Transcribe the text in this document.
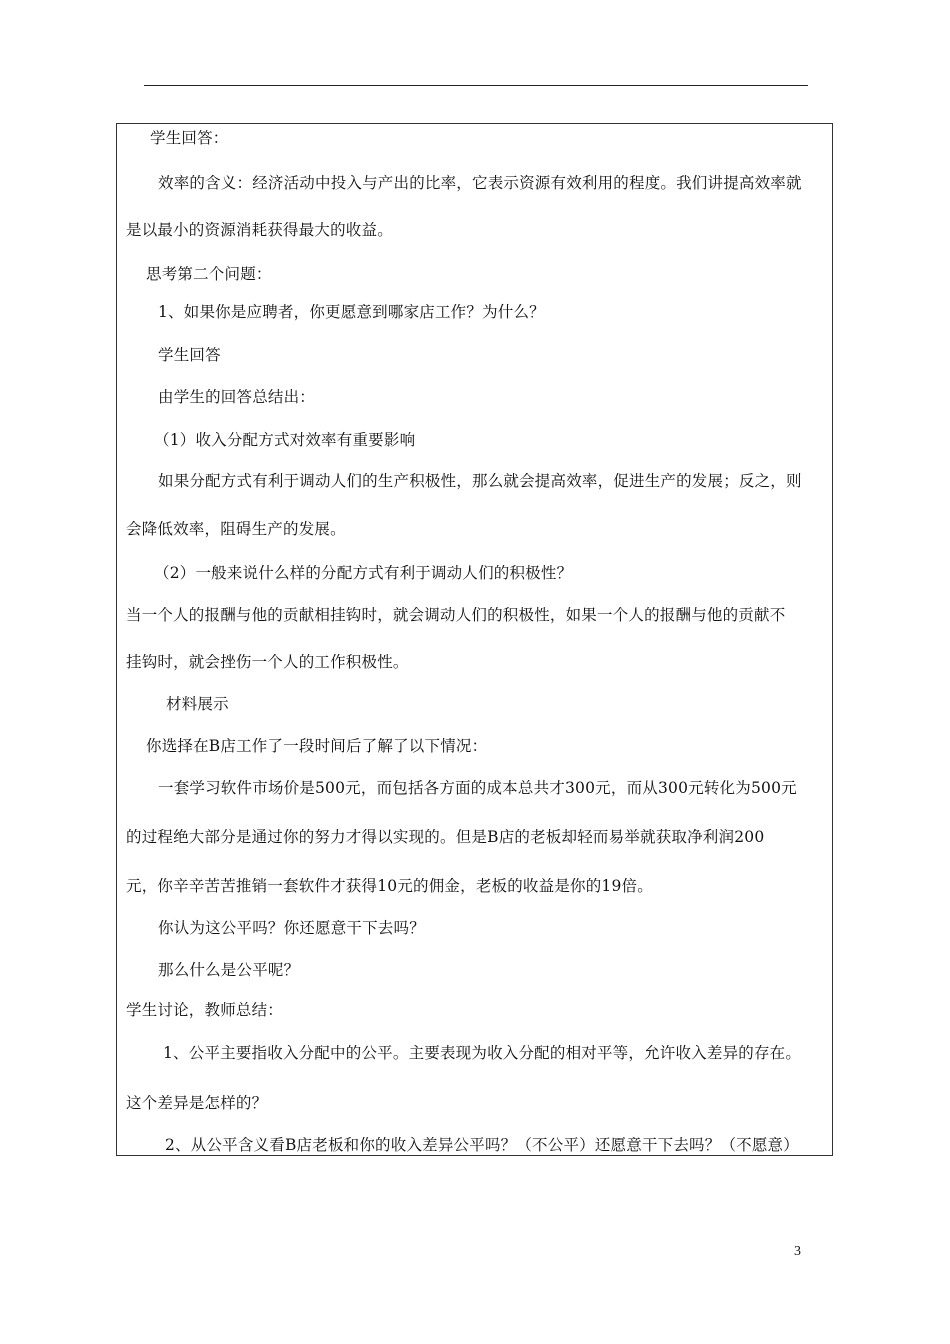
学生回答：
效率的含义：经济活动中投入与产出的比率，它表示资源有效利用的程度。我们讲提高效率就
是以最小的资源消耗获得最大的收益。
思考第二个问题：
1、如果你是应聘者，你更愿意到哪家店工作？为什么？
学生回答
由学生的回答总结出：
（1）收入分配方式对效率有重要影响
如果分配方式有利于调动人们的生产积极性，那么就会提高效率，促进生产的发展；反之，则
会降低效率，阻碍生产的发展。
（2）一般来说什么样的分配方式有利于调动人们的积极性？
当一个人的报酬与他的贡献相挂钩时，就会调动人们的积极性，如果一个人的报酬与他的贡献不
挂钩时，就会挫伤一个人的工作积极性。
材料展示
你选择在B店工作了一段时间后了解了以下情况：
一套学习软件市场价是500元，而包括各方面的成本总共才300元，而从300元转化为500元
的过程绝大部分是通过你的努力才得以实现的。但是B店的老板却轻而易举就获取净利润200
元，你辛辛苦苦推销一套软件才获得10元的佣金，老板的收益是你的19倍。
你认为这公平吗？你还愿意干下去吗？
那么什么是公平呢？
学生讨论，教师总结：
1、公平主要指收入分配中的公平。主要表现为收入分配的相对平等，允许收入差异的存在。
这个差异是怎样的？
2、从公平含义看B店老板和你的收入差异公平吗？（不公平）还愿意干下去吗？（不愿意）
3
